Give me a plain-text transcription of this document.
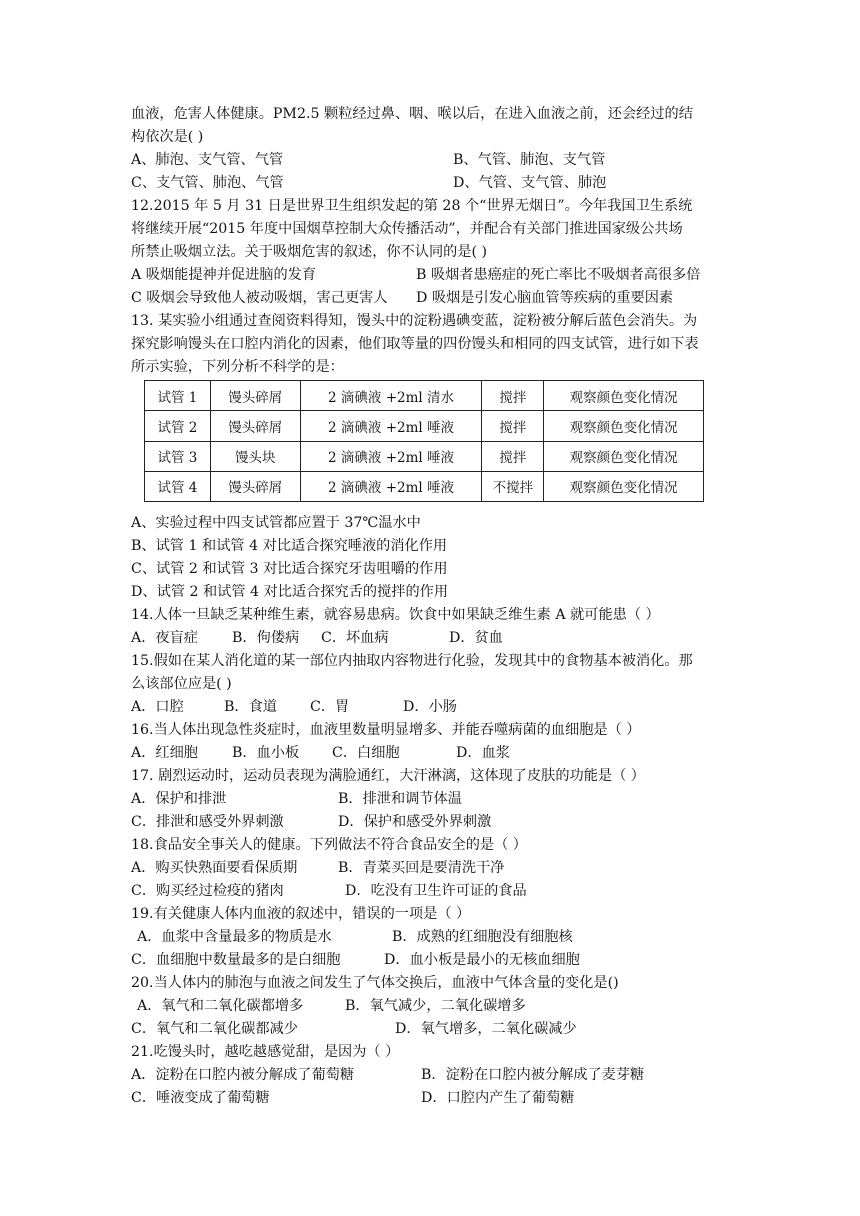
血液，危害人体健康。PM2.5 颗粒经过鼻、咽、喉以后，在进入血液之前，还会经过的结
构依次是( )
A、肺泡、支气管、气管	B、气管、肺泡、支气管
C、支气管、肺泡、气管	D、气管、支气管、肺泡
12.2015 年 5 月 31 日是世界卫生组织发起的第 28 个“世界无烟日”。今年我国卫生系统
将继续开展“2015 年度中国烟草控制大众传播活动”，并配合有关部门推进国家级公共场
所禁止吸烟立法。关于吸烟危害的叙述，你不认同的是( )
A 吸烟能提神并促进脑的发育	B 吸烟者患癌症的死亡率比不吸烟者高很多倍
C 吸烟会导致他人被动吸烟，害己更害人 D 吸烟是引发心脑血管等疾病的重要因素
13. 某实验小组通过查阅资料得知，馒头中的淀粉遇碘变蓝，淀粉被分解后蓝色会消失。为
探究影响馒头在口腔内消化的因素，他们取等量的四份馒头和相同的四支试管，进行如下表
所示实验，下列分析不科学的是：
试管 1	馒头碎屑	2 滴碘液 +2ml 清水	搅拌	观察颜色变化情况
试管 2	馒头碎屑	2 滴碘液 +2ml 唾液	搅拌	观察颜色变化情况
试管 3	馒头块	2 滴碘液 +2ml 唾液	搅拌	观察颜色变化情况
试管 4	馒头碎屑	2 滴碘液 +2ml 唾液	不搅拌	观察颜色变化情况
A、实验过程中四支试管都应置于 37℃温水中
B、试管 1 和试管 4 对比适合探究唾液的消化作用
C、试管 2 和试管 3 对比适合探究牙齿咀嚼的作用
D、试管 2 和试管 4 对比适合探究舌的搅拌的作用
14.人体一旦缺乏某种维生素，就容易患病。饮食中如果缺乏维生素 A 就可能患（ ）
A．夜盲症 B．佝偻病 C．坏血病	D．贫血
15.假如在某人消化道的某一部位内抽取内容物进行化验，发现其中的食物基本被消化。那
么该部位应是( )
A．口腔	B．食道 C．胃	D．小肠
16.当人体出现急性炎症时，血液里数量明显增多、并能吞噬病菌的血细胞是（ ）
A．红细胞 B．血小板 C．白细胞	D．血浆
17. 剧烈运动时，运动员表现为满脸通红，大汗淋漓，这体现了皮肤的功能是（ ）
A．保护和排泄	B．排泄和调节体温
C．排泄和感受外界刺激	D．保护和感受外界刺激
18.食品安全事关人的健康。下列做法不符合食品安全的是（ ）
A．购买快熟面要看保质期	B．青菜买回是要清洗干净
C．购买经过检疫的猪肉	D．吃没有卫生许可证的食品
19.有关健康人体内血液的叙述中，错误的一项是（ ）
A．血浆中含量最多的物质是水	B．成熟的红细胞没有细胞核
C．血细胞中数量最多的是白细胞	D．血小板是最小的无核血细胞
20.当人体内的肺泡与血液之间发生了气体交换后，血液中气体含量的变化是()
A．氧气和二氧化碳都增多	B．氧气减少，二氧化碳增多
C．氧气和二氧化碳都减少	D．氧气增多，二氧化碳减少
21.吃馒头时，越吃越感觉甜，是因为（ ）
A．淀粉在口腔内被分解成了葡萄糖	B．淀粉在口腔内被分解成了麦芽糖
C．唾液变成了葡萄糖	D．口腔内产生了葡萄糖
